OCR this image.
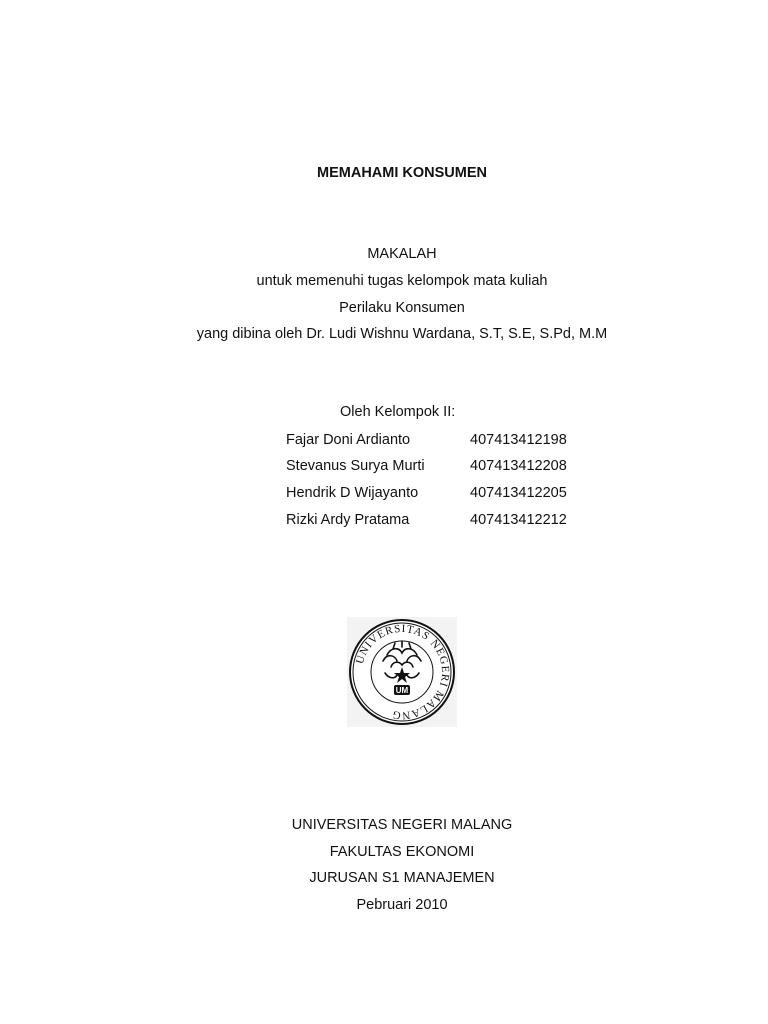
MEMAHAMI KONSUMEN
MAKALAH
untuk memenuhi tugas kelompok mata kuliah
Perilaku Konsumen
yang dibina oleh Dr. Ludi Wishnu Wardana, S.T, S.E, S.Pd, M.M
Oleh Kelompok II:
Fajar Doni Ardianto	407413412198
Stevanus Surya Murti	407413412208
Hendrik D Wijayanto	407413412205
Rizki Ardy Pratama	407413412212
UNIVERSITAS NEGERI MALANG
UM
UNIVERSITAS NEGERI MALANG
FAKULTAS EKONOMI
JURUSAN S1 MANAJEMEN
Pebruari 2010
